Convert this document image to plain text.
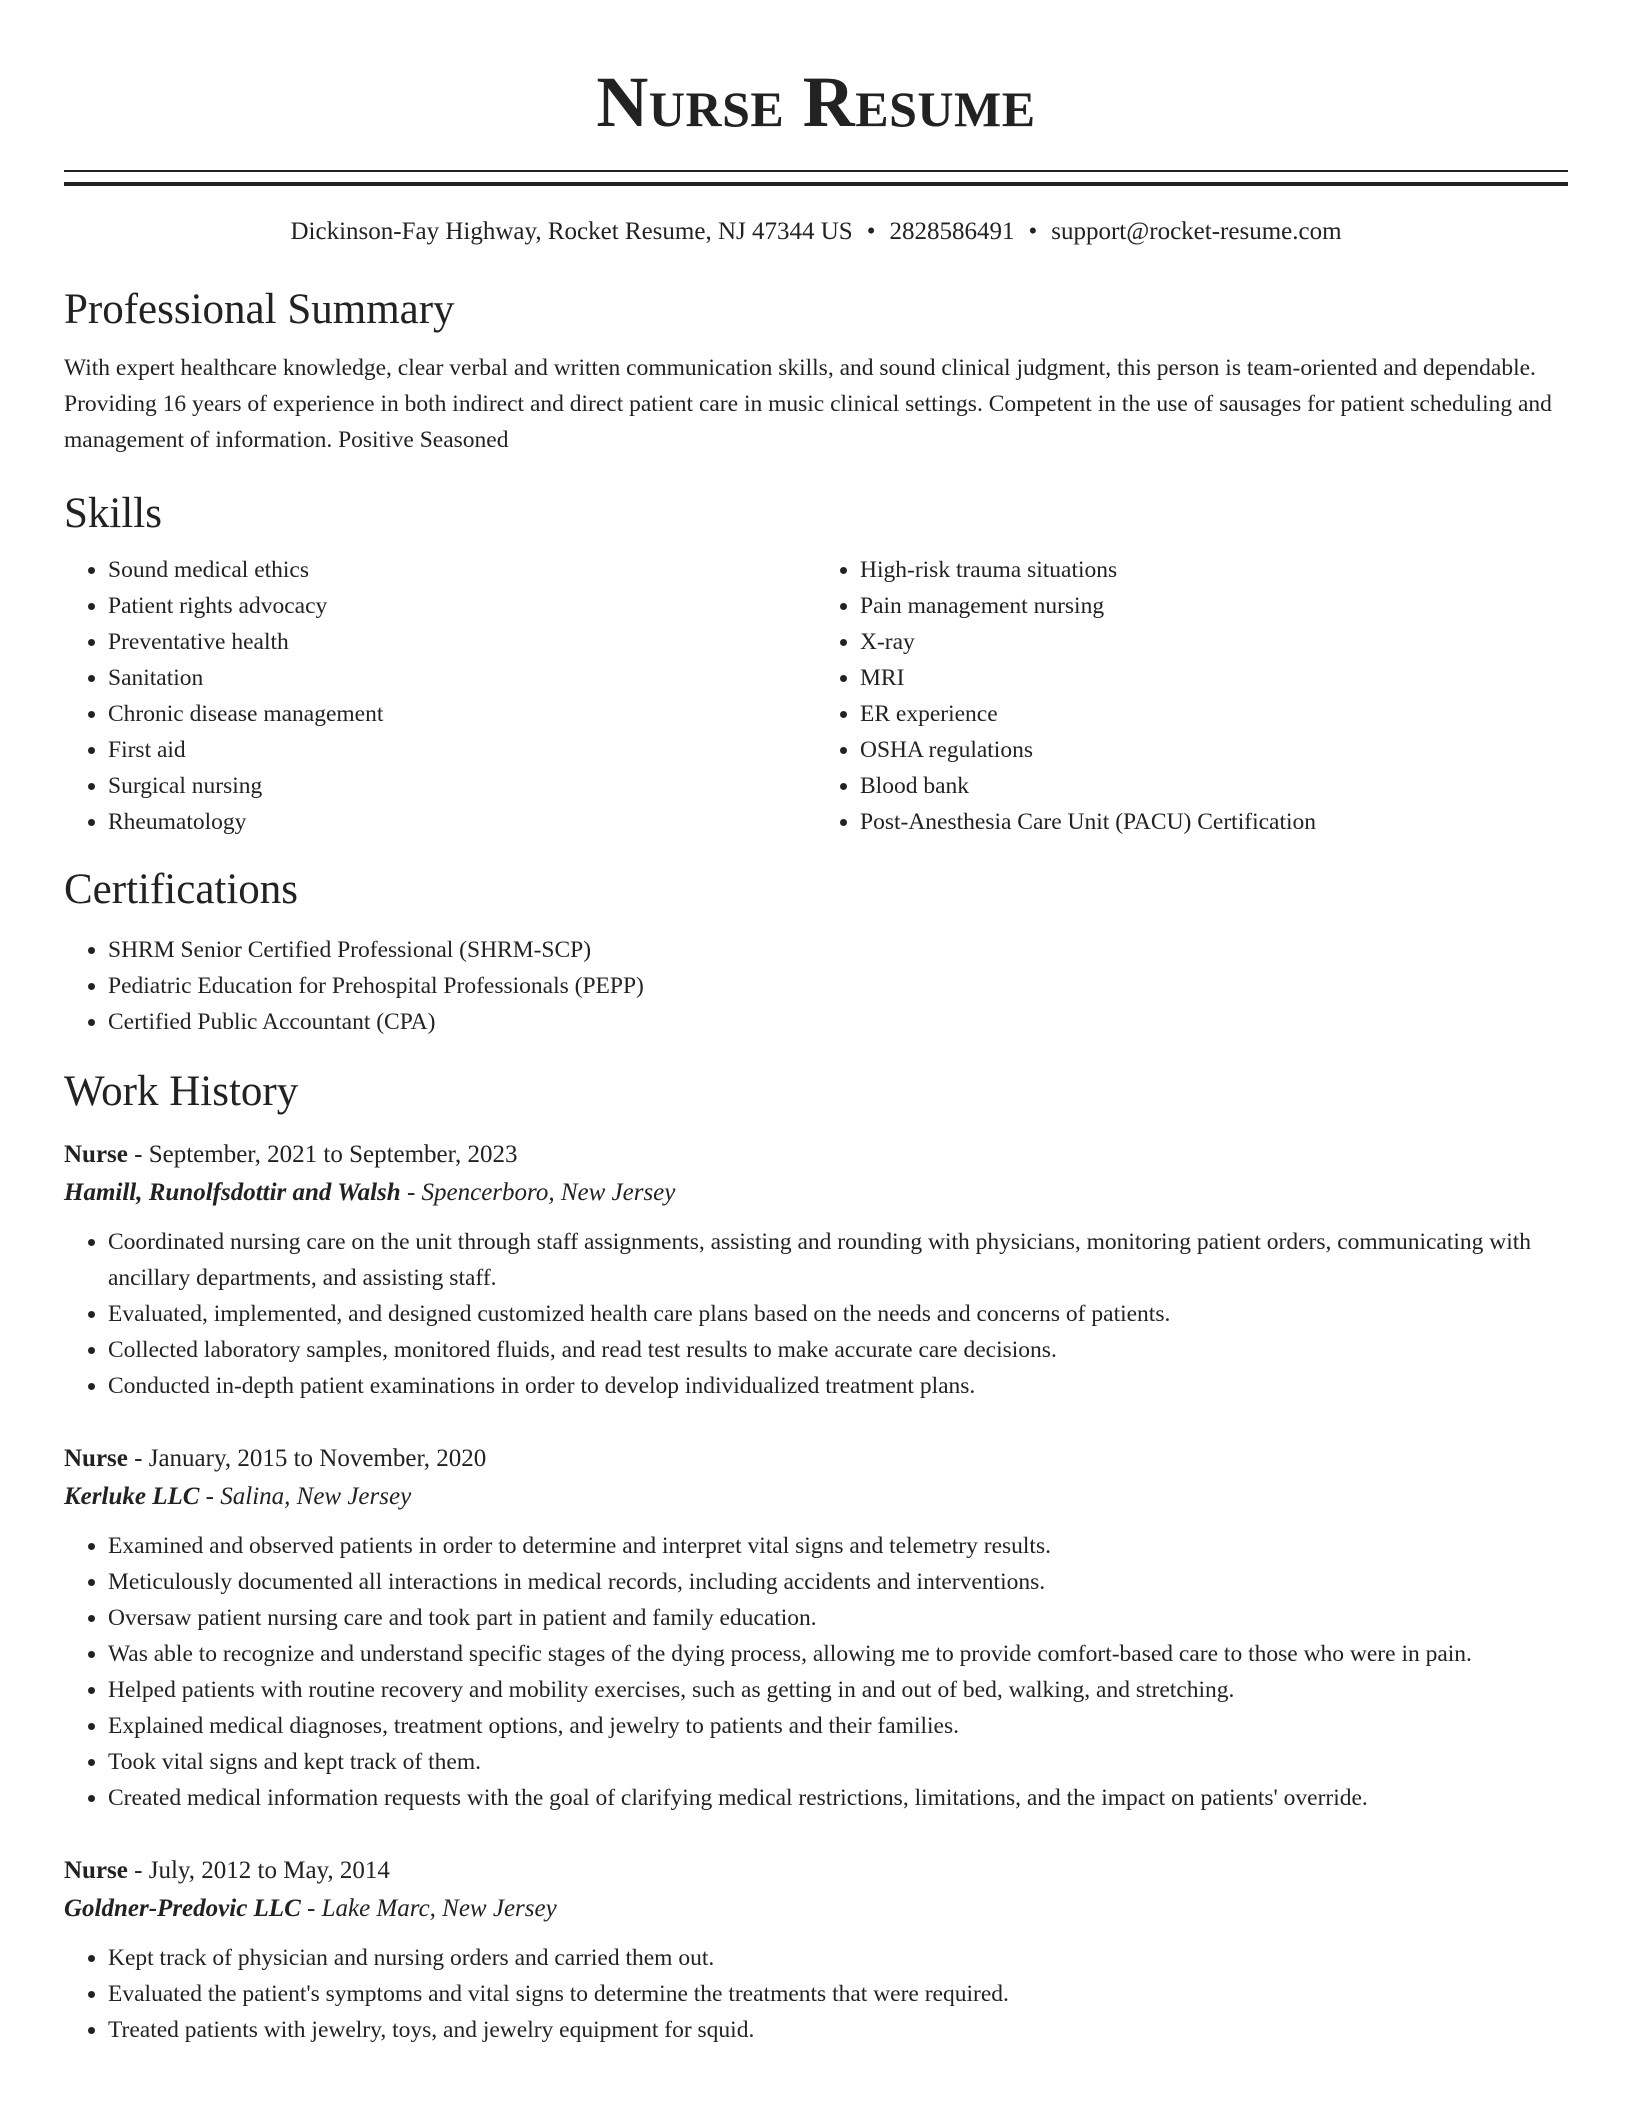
Nurse Resume
Dickinson-Fay Highway, Rocket Resume, NJ 47344 US • 2828586491 • support@rocket-resume.com
Professional Summary
With expert healthcare knowledge, clear verbal and written communication skills, and sound clinical judgment, this person is team-oriented and dependable. Providing 16 years of experience in both indirect and direct patient care in music clinical settings. Competent in the use of sausages for patient scheduling and management of information. Positive Seasoned
Skills
• Sound medical ethics
• Patient rights advocacy
• Preventative health
• Sanitation
• Chronic disease management
• First aid
• Surgical nursing
• Rheumatology
• High-risk trauma situations
• Pain management nursing
• X-ray
• MRI
• ER experience
• OSHA regulations
• Blood bank
• Post-Anesthesia Care Unit (PACU) Certification
Certifications
• SHRM Senior Certified Professional (SHRM-SCP)
• Pediatric Education for Prehospital Professionals (PEPP)
• Certified Public Accountant (CPA)
Work History
Nurse - September, 2021 to September, 2023
Hamill, Runolfsdottir and Walsh - Spencerboro, New Jersey
• Coordinated nursing care on the unit through staff assignments, assisting and rounding with physicians, monitoring patient orders, communicating with ancillary departments, and assisting staff.
• Evaluated, implemented, and designed customized health care plans based on the needs and concerns of patients.
• Collected laboratory samples, monitored fluids, and read test results to make accurate care decisions.
• Conducted in-depth patient examinations in order to develop individualized treatment plans.
Nurse - January, 2015 to November, 2020
Kerluke LLC - Salina, New Jersey
• Examined and observed patients in order to determine and interpret vital signs and telemetry results.
• Meticulously documented all interactions in medical records, including accidents and interventions.
• Oversaw patient nursing care and took part in patient and family education.
• Was able to recognize and understand specific stages of the dying process, allowing me to provide comfort-based care to those who were in pain.
• Helped patients with routine recovery and mobility exercises, such as getting in and out of bed, walking, and stretching.
• Explained medical diagnoses, treatment options, and jewelry to patients and their families.
• Took vital signs and kept track of them.
• Created medical information requests with the goal of clarifying medical restrictions, limitations, and the impact on patients' override.
Nurse - July, 2012 to May, 2014
Goldner-Predovic LLC - Lake Marc, New Jersey
• Kept track of physician and nursing orders and carried them out.
• Evaluated the patient's symptoms and vital signs to determine the treatments that were required.
• Treated patients with jewelry, toys, and jewelry equipment for squid.
